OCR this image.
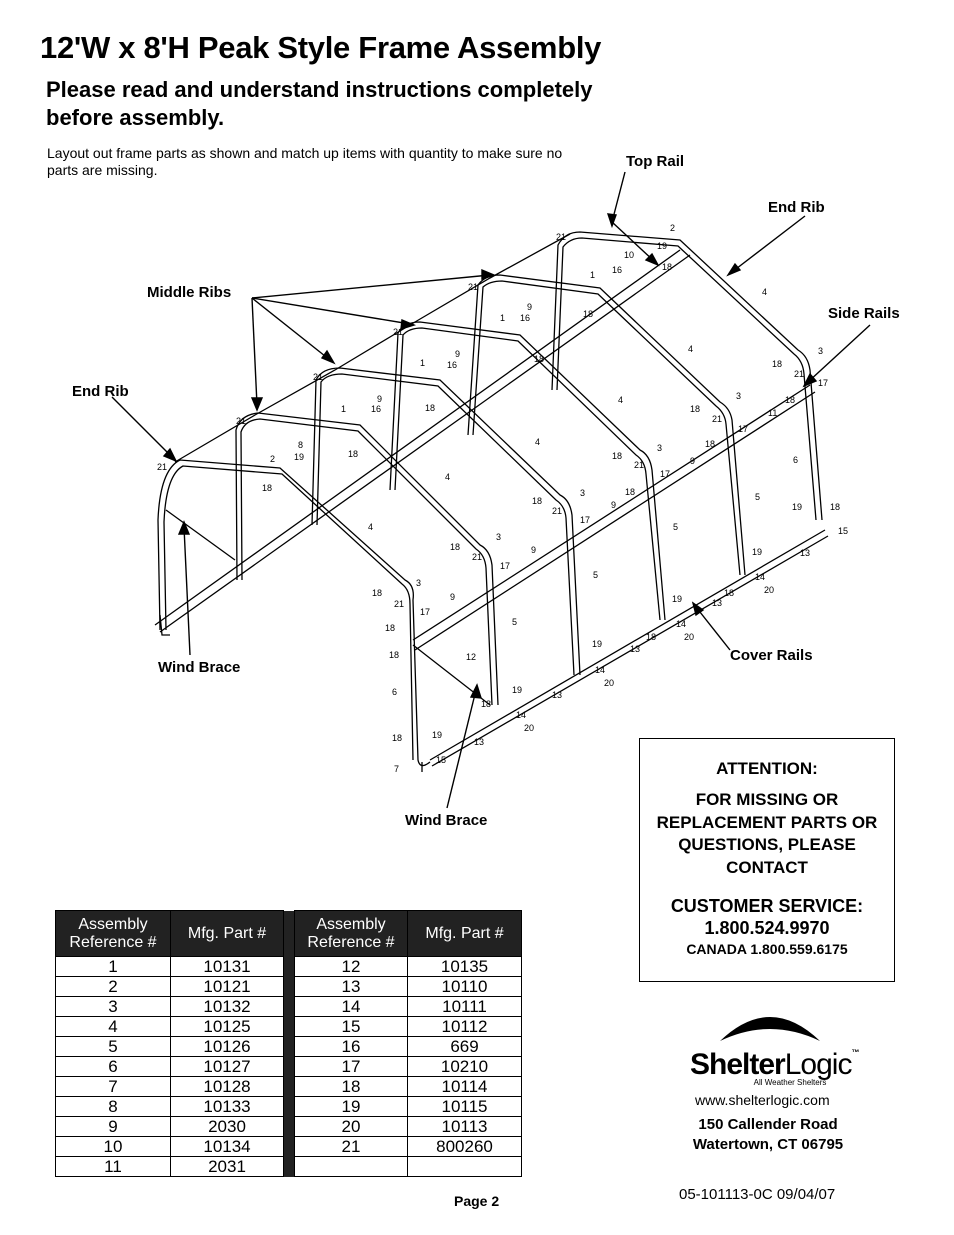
12'W x 8'H Peak Style Frame Assembly
Please read and understand instructions completely before assembly.
Layout out frame parts as shown and match up items with quantity to make sure no parts are missing.
21
2
19
10
16	18
1
4
21
9
16
1	18
21
9
16
1	18
4	3
18
21
17
21
9
16
1	18
4	3	18
18
21
11
17
21
8
19
2	18
4
3	18
18
21	9	6
17
21
18
4
18
3	5
18	9
21	19	18
17
4	5	15
3
18	9	13
19
21
17
5	14
3
20
18
18	9	19
21
17
13
5
18	14
18	20
19	13
18	12
14
20
6	19	13
18
14
20
18	19
13
15
7
Top Rail
End Rib
Middle Ribs
Side Rails
End Rib
Wind Brace
Cover Rails
Wind Brace
ATTENTION:
FOR MISSING OR REPLACEMENT PARTS OR QUESTIONS, PLEASE CONTACT
CUSTOMER SERVICE:
1.800.524.9970
CANADA 1.800.559.6175
Assembly Reference #	Mfg. Part #		Assembly Reference #	Mfg. Part #
1	10131		12	10135
2	10121		13	10110
3	10132		14	10111
4	10125		15	10112
5	10126		16	669
6	10127		17	10210
7	10128		18	10114
8	10133		19	10115
9	2030		20	10113
10	10134		21	800260
11	2031			
ShelterLogic™
All Weather Shelters
www.shelterlogic.com
150 Callender Road
Watertown, CT 06795
Page 2	05-101113-0C 09/04/07
